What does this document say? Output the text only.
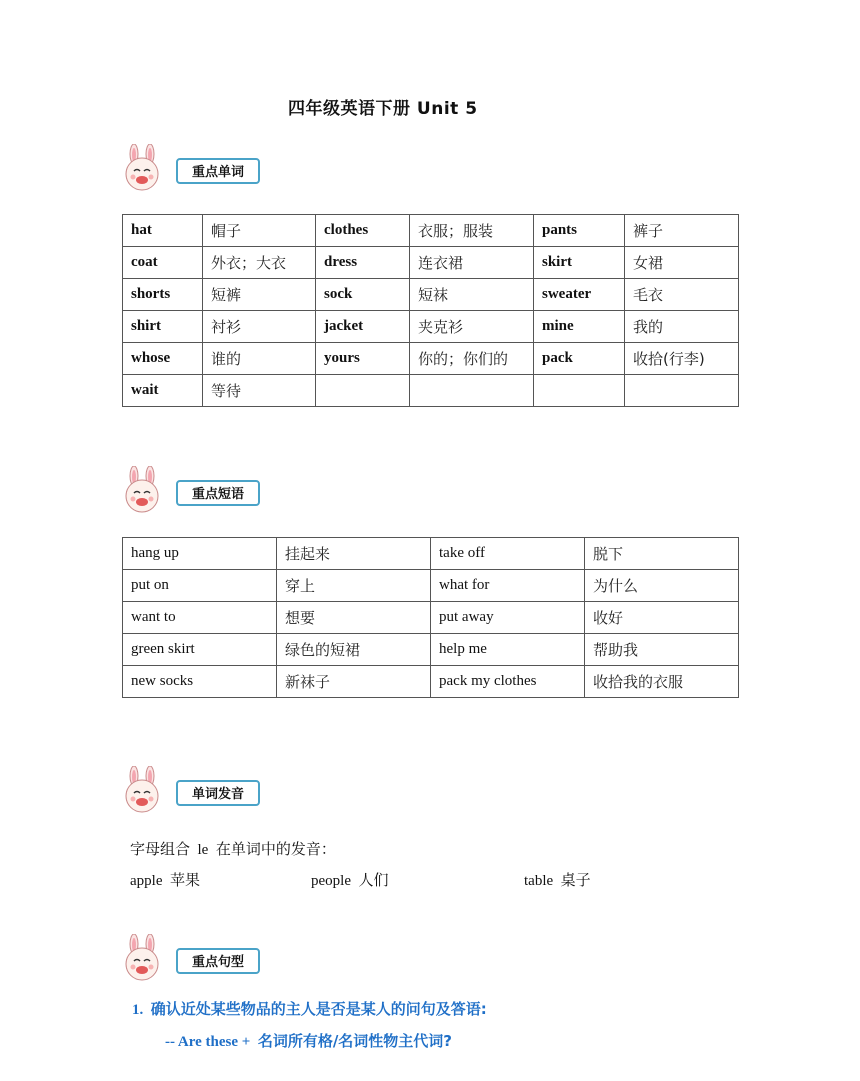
四年级英语下册 Unit 5
重点单词
hat	帽子	clothes	衣服；服装	pants	裤子
coat	外衣；大衣	dress	连衣裙	skirt	女裙
shorts	短裤	sock	短袜	sweater	毛衣
shirt	衬衫	jacket	夹克衫	mine	我的
whose	谁的	yours	你的；你们的	pack	收拾(行李)
wait	等待				
重点短语
hang up	挂起来	take off	脱下
put on	穿上	what for	为什么
want to	想要	put away	收好
green skirt	绿色的短裙	help me	帮助我
new socks	新袜子	pack my clothes	收拾我的衣服
单词发音
字母组合 le 在单词中的发音：
apple 苹果	people 人们	table 桌子
重点句型
1. 确认近处某些物品的主人是否是某人的问句及答语:
-- Are these + 名词所有格/名词性物主代词?
